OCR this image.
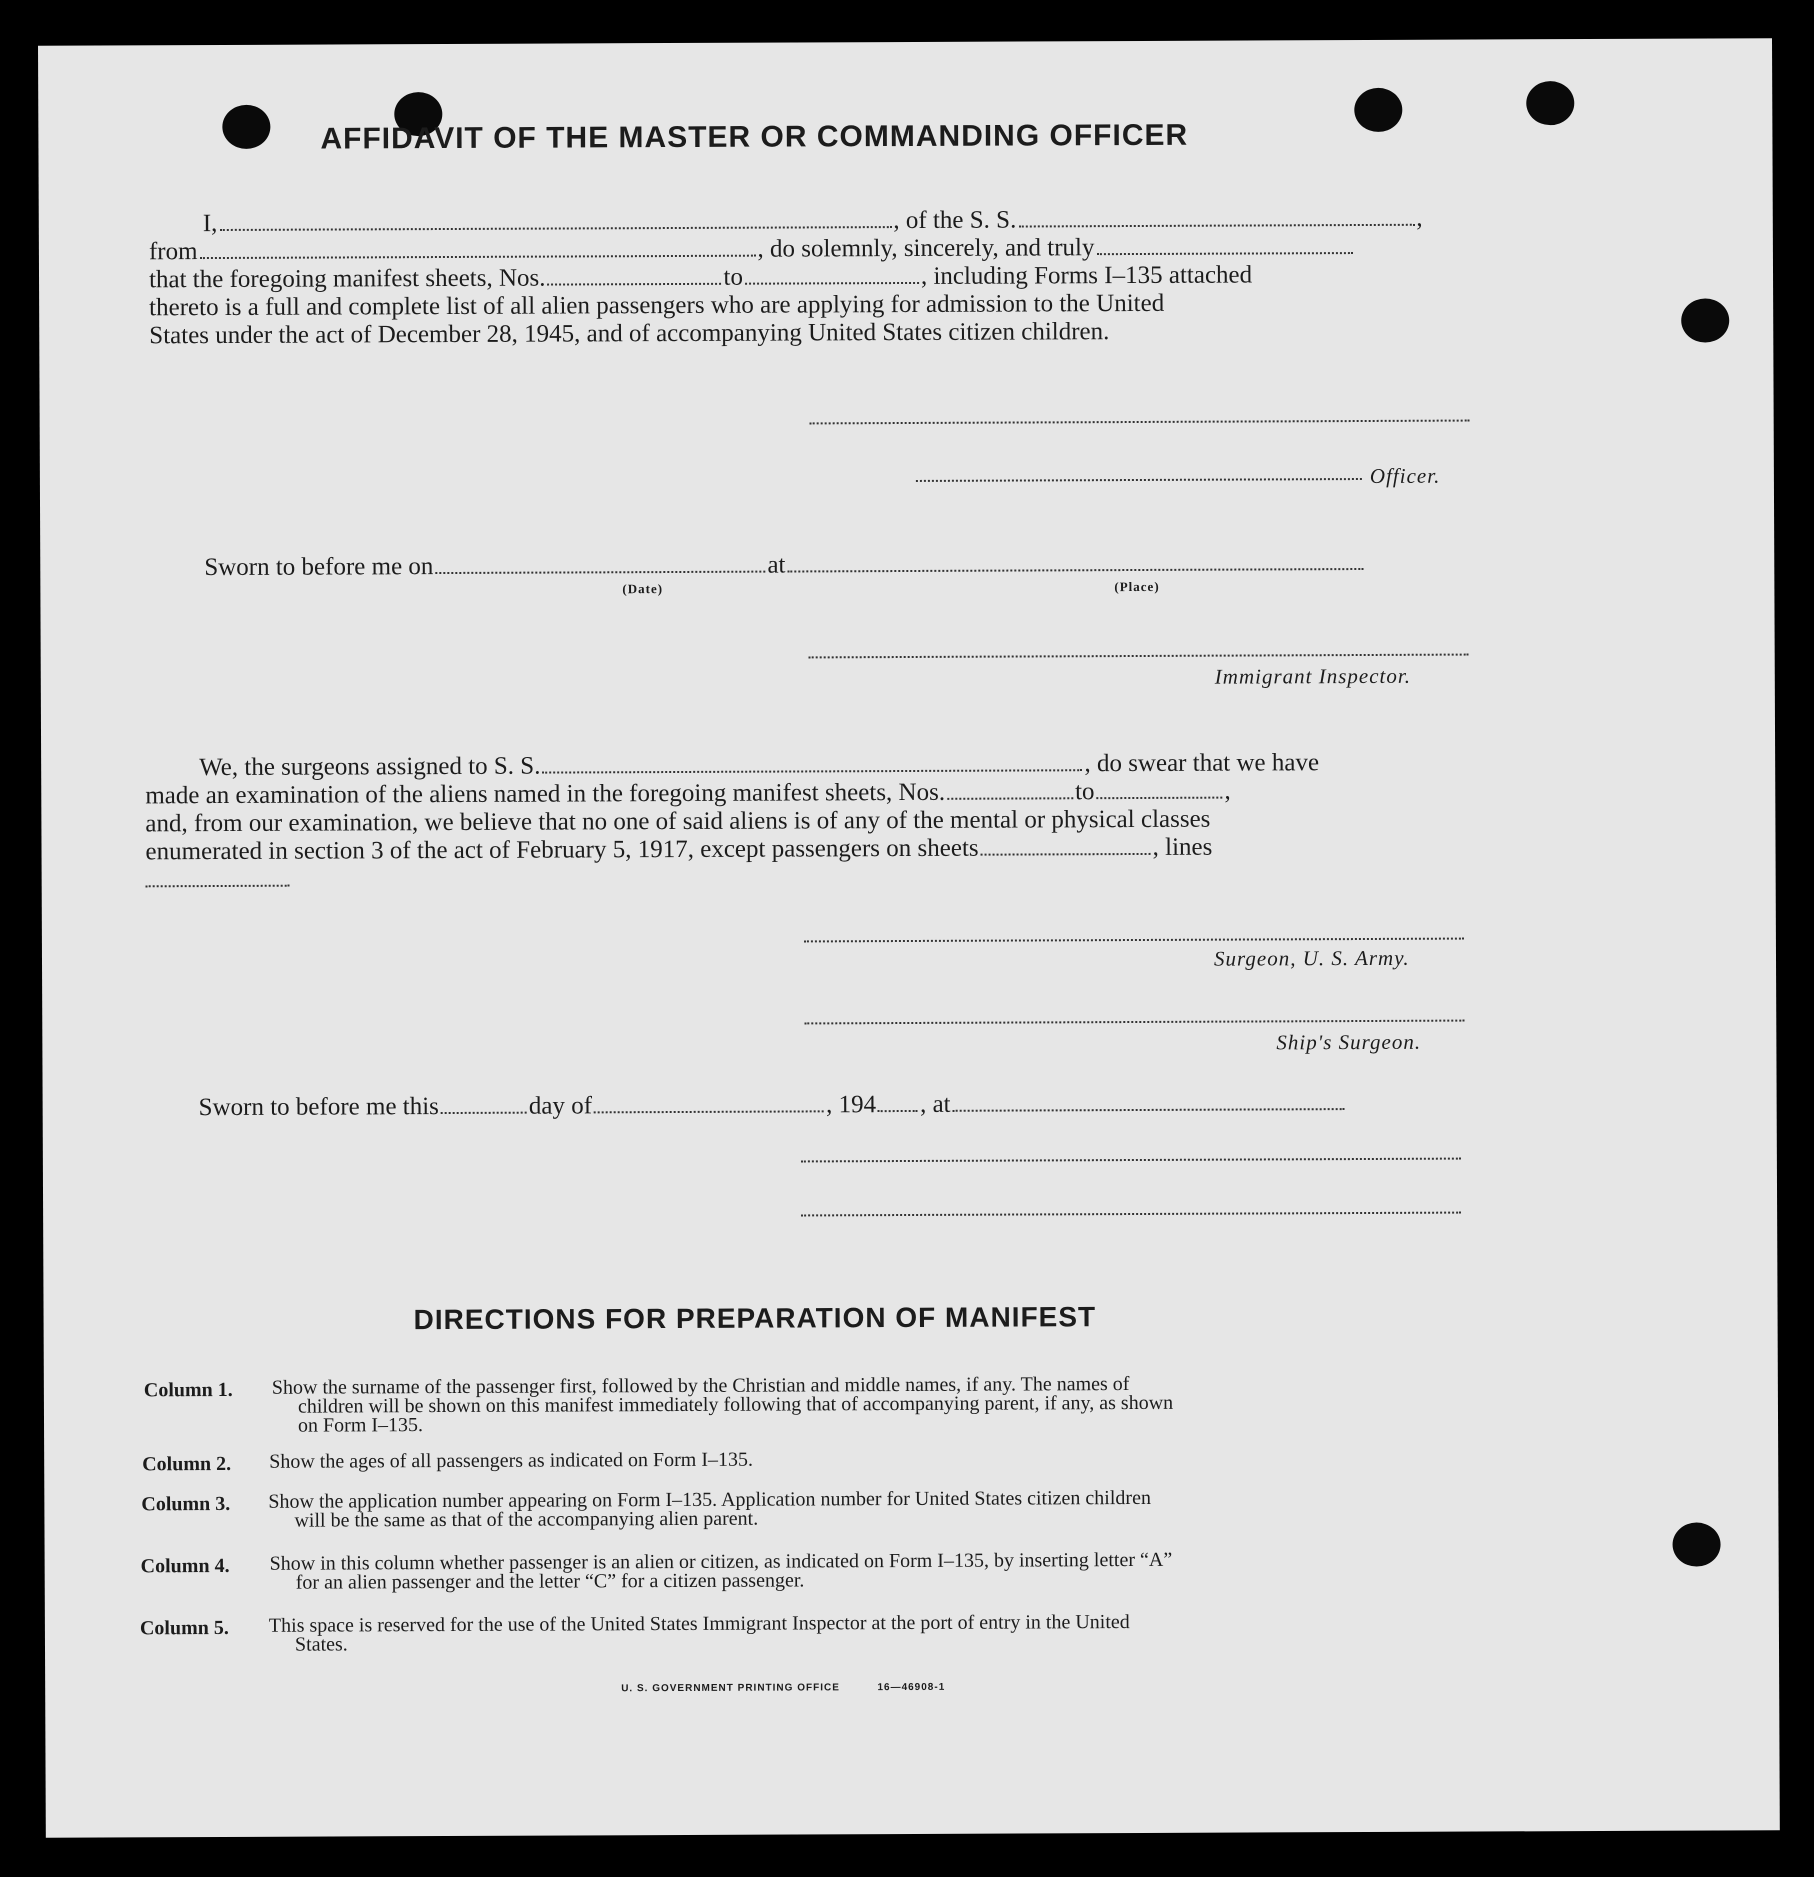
AFFIDAVIT OF THE MASTER OR COMMANDING OFFICER
I,	, of the S. S.	,
from	, do solemnly, sincerely, and truly
that the foregoing manifest sheets, Nos.	to	, including Forms I–135 attached
thereto is a full and complete list of all alien passengers who are applying for admission to the United
States under the act of December 28, 1945, and of accompanying United States citizen children.
Officer.
Sworn to before me on	at
(Date)	(Place)
Immigrant Inspector.
We, the surgeons assigned to S. S.	, do swear that we have
made an examination of the aliens named in the foregoing manifest sheets, Nos.	to	,
and, from our examination, we believe that no one of said aliens is of any of the mental or physical classes
enumerated in section 3 of the act of February 5, 1917, except passengers on sheets	, lines
Surgeon, U. S. Army.
Ship's Surgeon.
Sworn to before me this	day of	, 194 , at
DIRECTIONS FOR PREPARATION OF MANIFEST
Column 1. Show the surname of the passenger first, followed by the Christian and middle names, if any. The names of
children will be shown on this manifest immediately following that of accompanying parent, if any, as shown
on Form I–135.
Column 2. Show the ages of all passengers as indicated on Form I–135.
Column 3. Show the application number appearing on Form I–135. Application number for United States citizen children
will be the same as that of the accompanying alien parent.
Column 4. Show in this column whether passenger is an alien or citizen, as indicated on Form I–135, by inserting letter “A”
for an alien passenger and the letter “C” for a citizen passenger.
Column 5. This space is reserved for the use of the United States Immigrant Inspector at the port of entry in the United
States.
U. S. GOVERNMENT PRINTING OFFICE	16—46908-1
